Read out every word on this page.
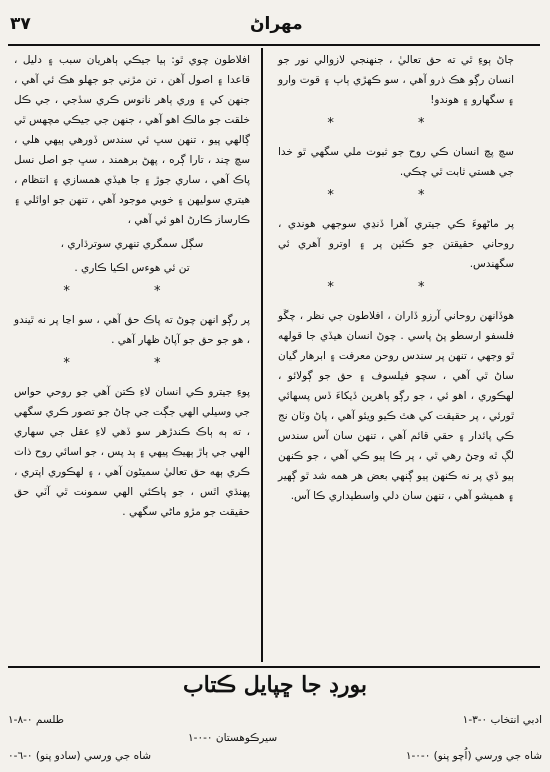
۳۷	مهراڻ

ڄاڻ ٻوءِ ٿي ته حق تعاليٰ ، جنهنجي لازوالي نور جو انسان رڳو هڪ ذرو آهي ، سو ڪهڙي ٻاٻ ۽ قوت وارو ۽ سگهارو ۽ هوندو!

* *

سچ پچ انسان ڪي روح جو ثبوت ملي سگهي ٿو خدا جي هستي ثابت ٿي چڪي.

* *

پر ماڻهوءَ ڪي جيتري آهرا ڏنڍي سوجهي هوندي ، روحاني حقيقتن جو ڪئين پر ۽ اوترو آهري ئي سگهندس.

* *

هوڏانهن روحاني آرزو ڏاران ، افلاطون جي نظر ، چڱو فلسفو ارسطو پڻ پاسي . چوڻ انسان هيڏي جا قولهه ٿو وجهي ، تنهن پر سندس روحن معرفت ۽ ابرهار گيان ساڻ ٿي آهي ، سچو فيلسوف ۽ حق جو ڳولائو ، لهڪوري ، اهو ئي ، جو رڳو ٻاهرين ڏيکاءَ ڏس پسهائي ٿورئي ، پر حقيقت کي هٿ ڪيو ويئو آهي ، پاڻ وٽان نج ڪي پائدار ۽ حقي قائم آهي ، تنهن سان آس سندس لڳ ٿه وڃڻ رهي ٿي ، پر ڪا ٻيو ڪي آهي ، جو ڪنهن ٻيو ڏي پر نه ڪنهن ٻيو ڳنهي بعض هر همه شد ٿو ڳهير ۽ هميشو آهي ، تنهن سان دلي واسطيداري ڪا آس.

افلاطون چوي ٿو: ٻيا جيڪي ٻاهريان سبب ۽ دليل ، قاعدا ۽ اصول آهن ، تن مڙني جو جهلو هڪ ئي آهي ، جنهن کي ۽ وري ٻاهر نانوس ڪري سڏجي ، جي ڪل خلقت جو مالڪ اهو آهي ، جنهن جي جيڪي مچهس ٿي ڳالهي پيو ، تنهن سڀ ئي سندس ڏورهي ٻيهي هلي ، سچ چند ، تارا ڳره ، پهڻ برهمند ، سڀ جو اصل نسل پاڪ آهي ، ساري جوڙ ۽ جا هيڏي همسازي ۽ انتظام ، هيتري سوليهن ۽ خوبي موجود آهي ، تنهن جو اوائلي ۽ ڪارساز ڪارڻ اهو ئي آهي ،

سڳل سمگري تنهري سوترڌاري ،

تن ئي هوءس اڪيا ڪاري .

* *

پر رڳو انهن چوڻ ته پاڪ حق آهي ، سو اڃا پر نه ٿيندو ، هو جو حق جو آپاڻ ظهار آهي .

* *

پوءِ جيترو ڪي انسان لاءِ ڪتن آهي جو روحي حواس جي وسيلي الهي جڳت جي ڄاڻ جو تصور ڪري سگهي ، ته ٻه ٻاڪ ڪندڙهر سو ڏهي لاءِ عقل جي سهاري الهي جي ٻاڙ ٻهيڪ پيهي ۽ ٻد پس ، جو اسائي روح ذات ڪري ٻهه حق تعاليٰ سميڻون آهي ، ۽ لهڪوري اپتري ، پهنڌي اٿس ، جو پاڪئي الهي سمونت ٿي آٽي حق حقيقت جو مڙو ماڻي سگهي .

بورڊ جا ڇپايل ڪتاب
ادبي انتخاب ٠-٣-١
طلسم ٠-٨-١
سيرڪوهستان ٠-٠-١
شاه جي ورسي (اُچو پنو) ٠-٠-١
شاه جي ورسي (سادو پنو) ٠-٦-٠
